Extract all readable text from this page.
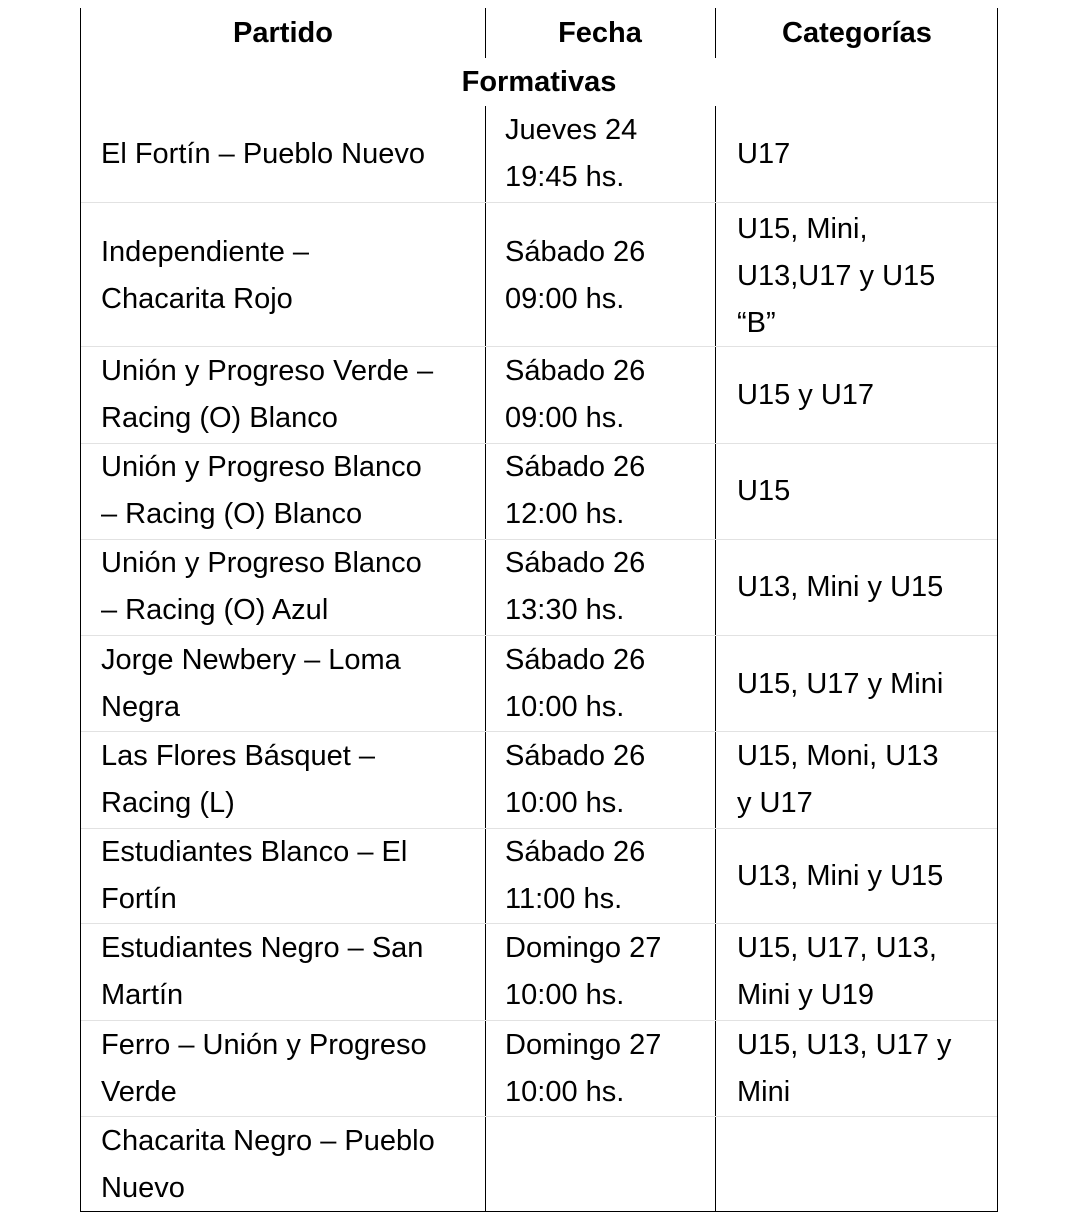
Partido	Fecha	Categorías
Formativas
El Fortín – Pueblo Nuevo
Jueves 24
19:45 hs.
U17
Independiente –
Chacarita Rojo
Sábado 26
09:00 hs.
U15, Mini,
U13,U17 y U15
“B”
Unión y Progreso Verde –
Racing (O) Blanco
Sábado 26
09:00 hs.
U15 y U17
Unión y Progreso Blanco
– Racing (O) Blanco
Sábado 26
12:00 hs.
U15
Unión y Progreso Blanco
– Racing (O) Azul
Sábado 26
13:30 hs.
U13, Mini y U15
Jorge Newbery – Loma
Negra
Sábado 26
10:00 hs.
U15, U17 y Mini
Las Flores Básquet –
Racing (L)
Sábado 26
10:00 hs.
U15, Moni, U13
y U17
Estudiantes Blanco – El
Fortín
Sábado 26
11:00 hs.
U13, Mini y U15
Estudiantes Negro – San
Martín
Domingo 27
10:00 hs.
U15, U17, U13,
Mini y U19
Ferro – Unión y Progreso
Verde
Domingo 27
10:00 hs.
U15, U13, U17 y
Mini
Chacarita Negro – Pueblo
Nuevo
